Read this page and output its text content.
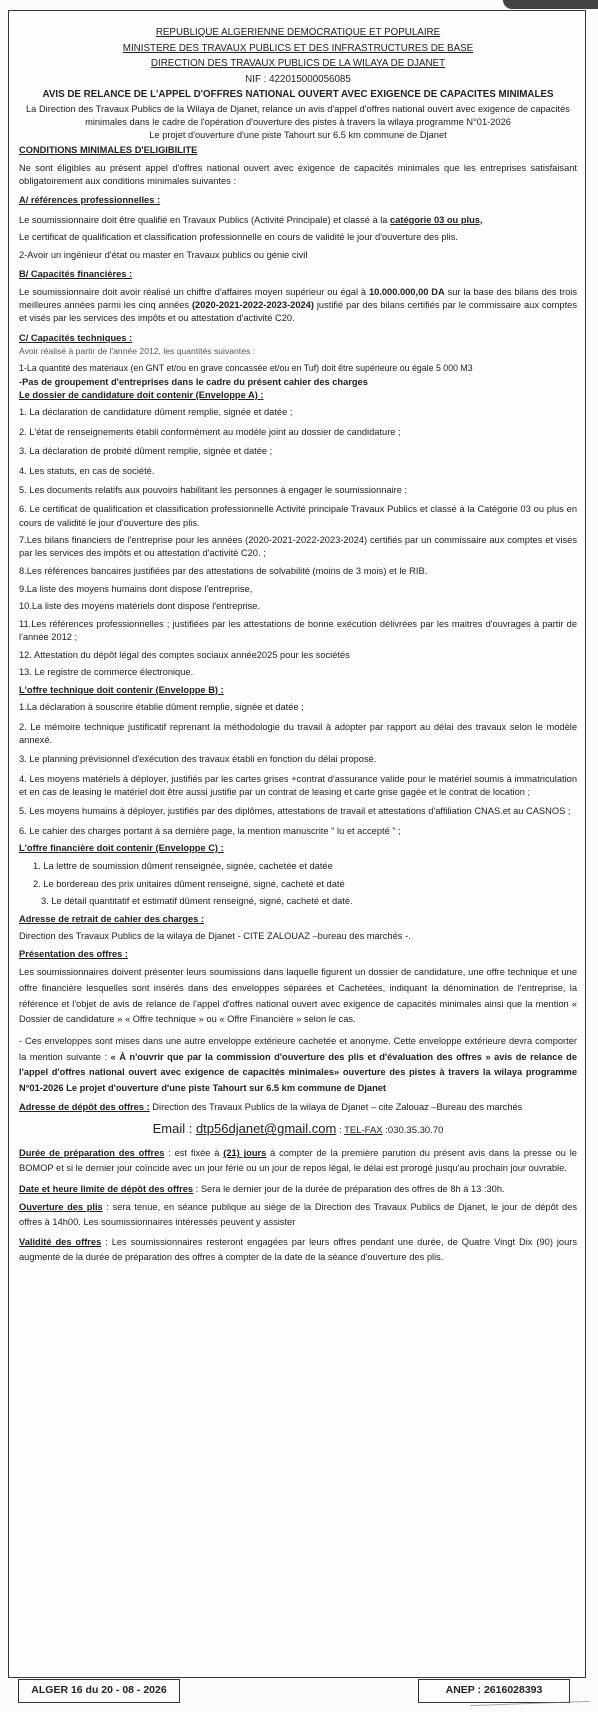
REPUBLIQUE ALGERIENNE DEMOCRATIQUE ET POPULAIRE
MINISTERE DES TRAVAUX PUBLICS ET DES INFRASTRUCTURES DE BASE
DIRECTION DES TRAVAUX PUBLICS DE LA WILAYA DE DJANET
NIF : 422015000056085
AVIS DE RELANCE DE L'APPEL D'OFFRES NATIONAL OUVERT AVEC EXIGENCE DE CAPACITES MINIMALES

La Direction des Travaux Publics de la Wilaya de Djanet, relance un avis d'appel d'offres national ouvert avec exigence de capacités minimales dans le cadre de l'opération d'ouverture des pistes à travers la wilaya programme N°01-2026

Le projet d'ouverture d'une piste Tahourt sur 6.5 km commune de Djanet

CONDITIONS MINIMALES D'ELIGIBILITE

Ne sont éligibles au présent appel d'offres national ouvert avec exigence de capacités minimales que les entreprises satisfaisant obligatoirement aux conditions minimales suivantes :

A/ références professionnelles :

Le soumissionnaire doit être qualifié en Travaux Publics (Activité Principale) et classé à la catégorie 03 ou plus,

Le certificat de qualification et classification professionnelle en cours de validité le jour d'ouverture des plis.

2-Avoir un ingénieur d'état ou master en Travaux publics ou génie civil

B/ Capacités financières :

Le soumissionnaire doit avoir réalisé un chiffre d'affaires moyen supérieur ou égal à 10.000.000,00 DA sur la base des bilans des trois meilleures années parmi les cinq années (2020-2021-2022-2023-2024) justifié par des bilans certifiés par le commissaire aux comptes et visés par les services des impôts et ou attestation d'activité C20.

C/ Capacités techniques :

Avoir réalisé à partir de l'année 2012, les quantités suivantes :

1-La quantité des matériaux (en GNT et/ou en grave concassée et/ou en Tuf) doit être supérieure ou égale 5 000 M3

-Pas de groupement d'entreprises dans le cadre du présent cahier des charges

Le dossier de candidature doit contenir (Enveloppe A) :

1. La déclaration de candidature dûment remplie, signée et datée ;

2. L'état de renseignements établi conformément au modèle joint au dossier de candidature ;

3. La déclaration de probité dûment remplie, signée et datée ;

4. Les statuts, en cas de société.

5. Les documents relatifs aux pouvoirs habilitant les personnes à engager le soumissionnaire ;

6. Le certificat de qualification et classification professionnelle Activité principale Travaux Publics et classé à la Catégorie 03 ou plus en cours de validité le jour d'ouverture des plis.

7.Les bilans financiers de l'entreprise pour les années (2020-2021-2022-2023-2024) certifiés par un commissaire aux comptes et visés par les services des impôts et ou attestation d'activité C20. ;

8.Les références bancaires justifiées par des attestations de solvabilité (moins de 3 mois) et le RIB.

9.La liste des moyens humains dont dispose l'entreprise,

10.La liste des moyens matériels dont dispose l'entreprise.

11.Les références professionnelles ; justifiées par les attestations de bonne exécution délivrées par les maitres d'ouvrages à partir de l'année 2012 ;

12. Attestation du dépôt légal des comptes sociaux année2025 pour les sociétés

13. Le registre de commerce électronique.

L'offre technique doit contenir (Enveloppe B) :

1.La déclaration à souscrire établie dûment remplie, signée et datée ;

2. Le mémoire technique justificatif reprenant la méthodologie du travail à adopter par rapport au délai des travaux selon le modèle annexé.

3. Le planning prévisionnel d'exécution des travaux établi en fonction du délai proposé.

4. Les moyens matériels à déployer, justifiés par les cartes grises +contrat d'assurance valide pour le matériel soumis à immatriculation et en cas de leasing le matériel doit être aussi justifie par un contrat de leasing et carte grise gagée et le contrat de location ;

5. Les moyens humains à déployer, justifiés par des diplômes, attestations de travail et attestations d'affiliation CNAS.et au CASNOS ;

6. Le cahier des charges portant à sa dernière page, la mention manuscrite " lu et accepté " ;

L'offre financière doit contenir (Enveloppe C) :

1. La lettre de soumission dûment renseignée, signée, cachetée et datée

2. Le bordereau des prix unitaires dûment renseigné, signé, cacheté et daté

3. Le détail quantitatif et estimatif dûment renseigné, signé, cacheté et daté.

Adresse de retrait de cahier des charges :

Direction des Travaux Publics de la wilaya de Djanet - CITE ZALOUAZ –bureau des marchés -.

Présentation des offres :

Les soumissionnaires doivent présenter leurs soumissions dans laquelle figurent un dossier de candidature, une offre technique et une offre financière lesquelles sont insérés dans des enveloppes séparées et Cachetées, indiquant la dénomination de l'entreprise, la référence et l'objet de avis de relance de l'appel d'offres national ouvert avec exigence de capacités minimales ainsi que la mention « Dossier de candidature » « Offre technique » ou « Offre Financière » selon le cas.

- Ces enveloppes sont mises dans une autre enveloppe extérieure cachetée et anonyme. Cette enveloppe extérieure devra comporter la mention suivante : « À n'ouvrir que par la commission d'ouverture des plis et d'évaluation des offres » avis de relance de l'appel d'offres national ouvert avec exigence de capacités minimales» ouverture des pistes à travers la wilaya programme N°01-2026 Le projet d'ouverture d'une piste Tahourt sur 6.5 km commune de Djanet

Adresse de dépôt des offres : Direction des Travaux Publics de la wilaya de Djanet – cite Zalouaz –Bureau des marchés

Email : dtp56djanet@gmail.com : TEL-FAX :030.35.30.70

Durée de préparation des offres : est fixée à (21) jours à compter de la première parution du présent avis dans la presse ou le BOMOP et si le dernier jour coïncide avec un jour férié ou un jour de repos légal, le délai est prorogé jusqu'au prochain jour ouvrable.

Date et heure limite de dépôt des offres : Sera le dernier jour de la durée de préparation des offres de 8h à 13 :30h.

Ouverture des plis : sera tenue, en séance publique au siège de la Direction des Travaux Publics de Djanet, le jour de dépôt des offres à 14h00. Les soumissionnaires intéressés peuvent y assister

Validité des offres : Les soumissionnaires resteront engagées par leurs offres pendant une durée, de Quatre Vingt Dix (90) jours augmenté de la durée de préparation des offres à compter de la date de la séance d'ouverture des plis.

ALGER 16 du 20 - 08 - 2026	ANEP : 2616028393
